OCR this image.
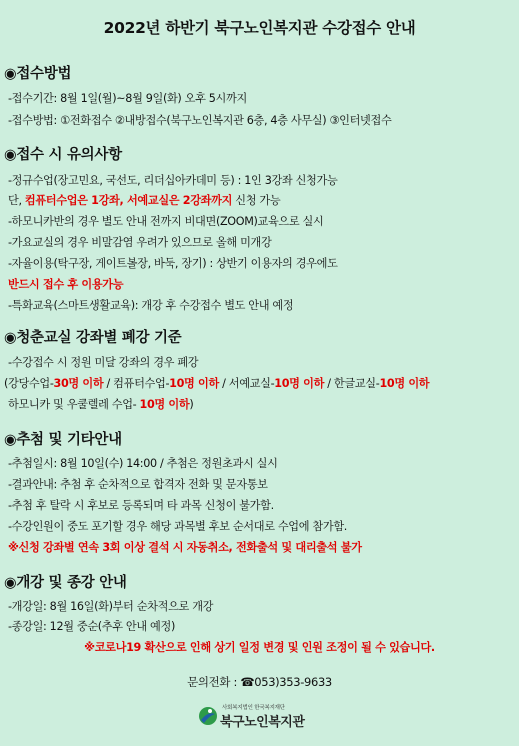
2022년 하반기 북구노인복지관 수강접수 안내
◉접수방법
-접수기간: 8월 1일(월)~8월 9일(화) 오후 5시까지
-접수방법: ①전화접수 ②내방접수(북구노인복지관 6층, 4층 사무실) ③인터넷접수
◉접수 시 유의사항
-정규수업(장고민요, 국선도, 리더십아카데미 등) : 1인 3강좌 신청가능
단, 컴퓨터수업은 1강좌, 서예교실은 2강좌까지 신청 가능
-하모니카반의 경우 별도 안내 전까지 비대면(ZOOM)교육으로 실시
-가요교실의 경우 비말감염 우려가 있으므로 올해 미개강
-자율이용(탁구장, 게이트볼장, 바둑, 장기) : 상반기 이용자의 경우에도
반드시 접수 후 이용가능
-특화교육(스마트생활교육): 개강 후 수강접수 별도 안내 예정
◉청춘교실 강좌별 폐강 기준
-수강접수 시 정원 미달 강좌의 경우 폐강
(강당수업-30명 이하 / 컴퓨터수업-10명 이하 / 서예교실-10명 이하 / 한글교실-10명 이하
하모니카 및 우쿨렐레 수업- 10명 이하)
◉추첨 및 기타안내
-추첨일시: 8월 10일(수) 14:00 / 추첨은 정원초과시 실시
-결과안내: 추첨 후 순차적으로 합격자 전화 및 문자통보
-추첨 후 탈락 시 후보로 등록되며 타 과목 신청이 불가함.
-수강인원이 중도 포기할 경우 해당 과목별 후보 순서대로 수업에 참가함.
※신청 강좌별 연속 3회 이상 결석 시 자동취소, 전화출석 및 대리출석 불가
◉개강 및 종강 안내
-개강일: 8월 16일(화)부터 순차적으로 개강
-종강일: 12월 중순(추후 안내 예정)
※코로나19 확산으로 인해 상기 일정 변경 및 인원 조정이 될 수 있습니다.
문의전화 : ☎053)353-9633
사회복지법인 한국복지재단
북구노인복지관
